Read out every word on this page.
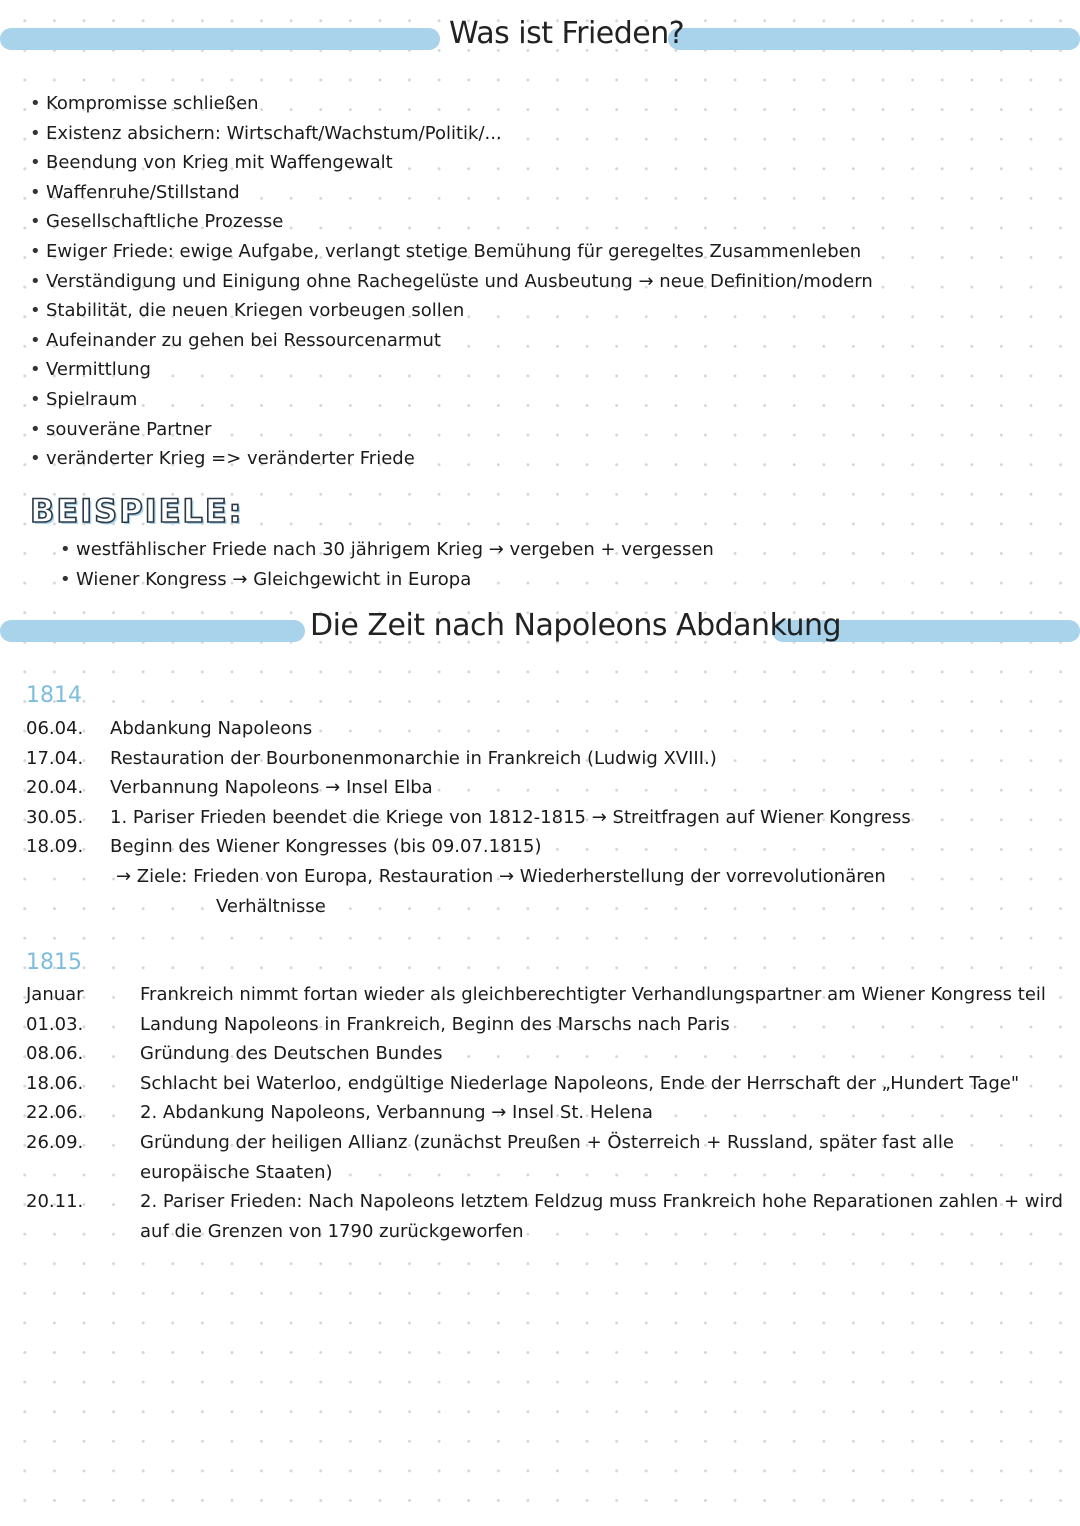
Was ist Frieden?
• Kompromisse schließen
• Existenz absichern: Wirtschaft/Wachstum/Politik/...
• Beendung von Krieg mit Waffengewalt
• Waffenruhe/Stillstand
• Gesellschaftliche Prozesse
• Ewiger Friede: ewige Aufgabe, verlangt stetige Bemühung für geregeltes Zusammenleben
• Verständigung und Einigung ohne Rachegelüste und Ausbeutung → neue Definition/modern
• Stabilität, die neuen Kriegen vorbeugen sollen
• Aufeinander zu gehen bei Ressourcenarmut
• Vermittlung
• Spielraum
• souveräne Partner
• veränderter Krieg => veränderter Friede
BEISPIELE:
• westfählischer Friede nach 30 jährigem Krieg → vergeben + vergessen
• Wiener Kongress → Gleichgewicht in Europa
Die Zeit nach Napoleons Abdankung
1814
06.04.	Abdankung Napoleons
17.04.	Restauration der Bourbonenmonarchie in Frankreich (Ludwig XVIII.)
20.04.	Verbannung Napoleons → Insel Elba
30.05.	1. Pariser Frieden beendet die Kriege von 1812-1815 → Streitfragen auf Wiener Kongress
18.09.	Beginn des Wiener Kongresses (bis 09.07.1815)
→ Ziele: Frieden von Europa, Restauration → Wiederherstellung der vorrevolutionären
Verhältnisse
1815
Januar	Frankreich nimmt fortan wieder als gleichberechtigter Verhandlungspartner am Wiener Kongress teil
01.03.	Landung Napoleons in Frankreich, Beginn des Marschs nach Paris
08.06.	Gründung des Deutschen Bundes
18.06.	Schlacht bei Waterloo, endgültige Niederlage Napoleons, Ende der Herrschaft der „Hundert Tage"
22.06.	2. Abdankung Napoleons, Verbannung → Insel St. Helena
26.09.	Gründung der heiligen Allianz (zunächst Preußen + Österreich + Russland, später fast alle europäische Staaten)
20.11.	2. Pariser Frieden: Nach Napoleons letztem Feldzug muss Frankreich hohe Reparationen zahlen + wird auf die Grenzen von 1790 zurückgeworfen
